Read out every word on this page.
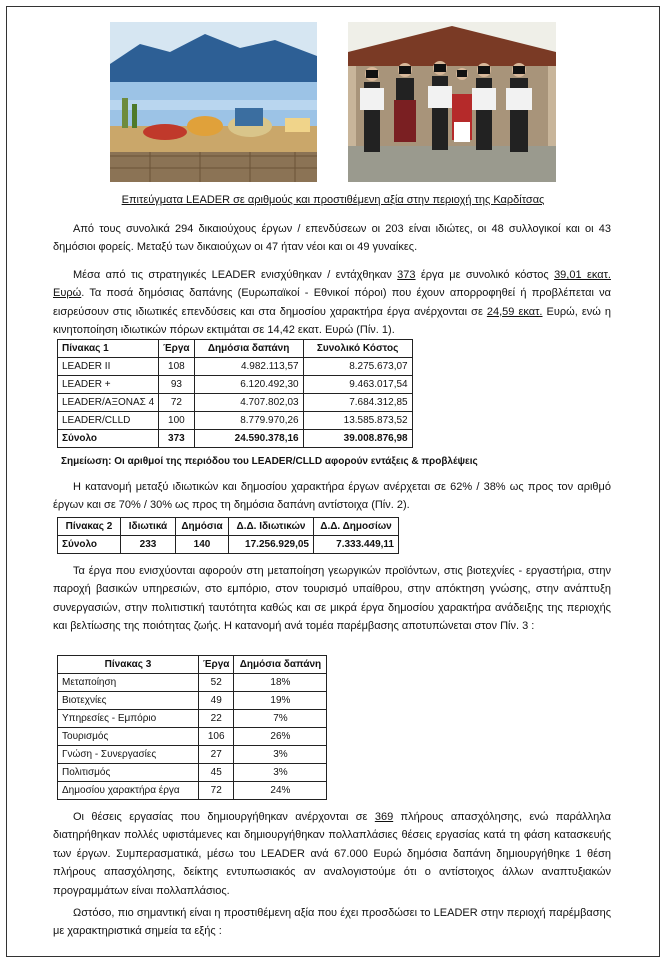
Επιτεύγματα LEADER σε αριθμούς και προστιθέμενη αξία στην περιοχή της Καρδίτσας

Από τους συνολικά 294 δικαιούχους έργων / επενδύσεων οι 203 είναι ιδιώτες, οι 48 συλλογικοί και οι 43 δημόσιοι φορείς. Μεταξύ των δικαιούχων οι 47 ήταν νέοι και οι 49 γυναίκες.

Μέσα από τις στρατηγικές LEADER ενισχύθηκαν / εντάχθηκαν 373 έργα με συνολικό κόστος 39,01 εκατ. Ευρώ. Τα ποσά δημόσιας δαπάνης (Ευρωπαϊκοί - Εθνικοί πόροι) που έχουν απορροφηθεί ή προβλέπεται να εισρεύσουν στις ιδιωτικές επενδύσεις και στα δημοσίου χαρακτήρα έργα ανέρχονται σε 24,59 εκατ. Ευρώ, ενώ η κινητοποίηση ιδιωτικών πόρων εκτιμάται σε 14,42 εκατ. Ευρώ (Πίν. 1).

Πίνακας 1	Έργα	Δημόσια δαπάνη	Συνολικό Κόστος
LEADER II	108	4.982.113,57	8.275.673,07
LEADER +	93	6.120.492,30	9.463.017,54
LEADER/ΑΞΟΝΑΣ 4	72	4.707.802,03	7.684.312,85
LEADER/CLLD	100	8.779.970,26	13.585.873,52
Σύνολο	373	24.590.378,16	39.008.876,98
Σημείωση: Οι αριθμοί της περιόδου του LEADER/CLLD αφορούν εντάξεις & προβλέψεις

Η κατανομή μεταξύ ιδιωτικών και δημοσίου χαρακτήρα έργων ανέρχεται σε 62% / 38% ως προς τον αριθμό έργων και σε 70% / 30% ως προς τη δημόσια δαπάνη αντίστοιχα (Πίν. 2).

Πίνακας 2	Ιδιωτικά	Δημόσια	Δ.Δ. Ιδιωτικών	Δ.Δ. Δημοσίων
Σύνολο	233	140	17.256.929,05	7.333.449,11

Τα έργα που ενισχύονται αφορούν στη μεταποίηση γεωργικών προϊόντων, στις βιοτεχνίες - εργαστήρια, στην παροχή βασικών υπηρεσιών, στο εμπόριο, στον τουρισμό υπαίθρου, στην απόκτηση γνώσης, στην ανάπτυξη συνεργασιών, στην πολιτιστική ταυτότητα καθώς και σε μικρά έργα δημοσίου χαρακτήρα ανάδειξης της περιοχής και βελτίωσης της ποιότητας ζωής. Η κατανομή ανά τομέα παρέμβασης αποτυπώνεται στον Πίν. 3 :

Πίνακας 3	Έργα	Δημόσια δαπάνη
Μεταποίηση	52	18%
Βιοτεχνίες	49	19%
Υπηρεσίες - Εμπόριο	22	7%
Τουρισμός	106	26%
Γνώση - Συνεργασίες	27	3%
Πολιτισμός	45	3%
Δημοσίου χαρακτήρα έργα	72	24%

Οι θέσεις εργασίας που δημιουργήθηκαν ανέρχονται σε 369 πλήρους απασχόλησης, ενώ παράλληλα διατηρήθηκαν πολλές υφιστάμενες και δημιουργήθηκαν πολλαπλάσιες θέσεις εργασίας κατά τη φάση κατασκευής των έργων. Συμπερασματικά, μέσω του LEADER ανά 67.000 Ευρώ δημόσια δαπάνη δημιουργήθηκε 1 θέση πλήρους απασχόλησης, δείκτης εντυπωσιακός αν αναλογιστούμε ότι ο αντίστοιχος άλλων αναπτυξιακών προγραμμάτων είναι πολλαπλάσιος.

Ωστόσο, πιο σημαντική είναι η προστιθέμενη αξία που έχει προσδώσει το LEADER στην περιοχή παρέμβασης με χαρακτηριστικά σημεία τα εξής :
